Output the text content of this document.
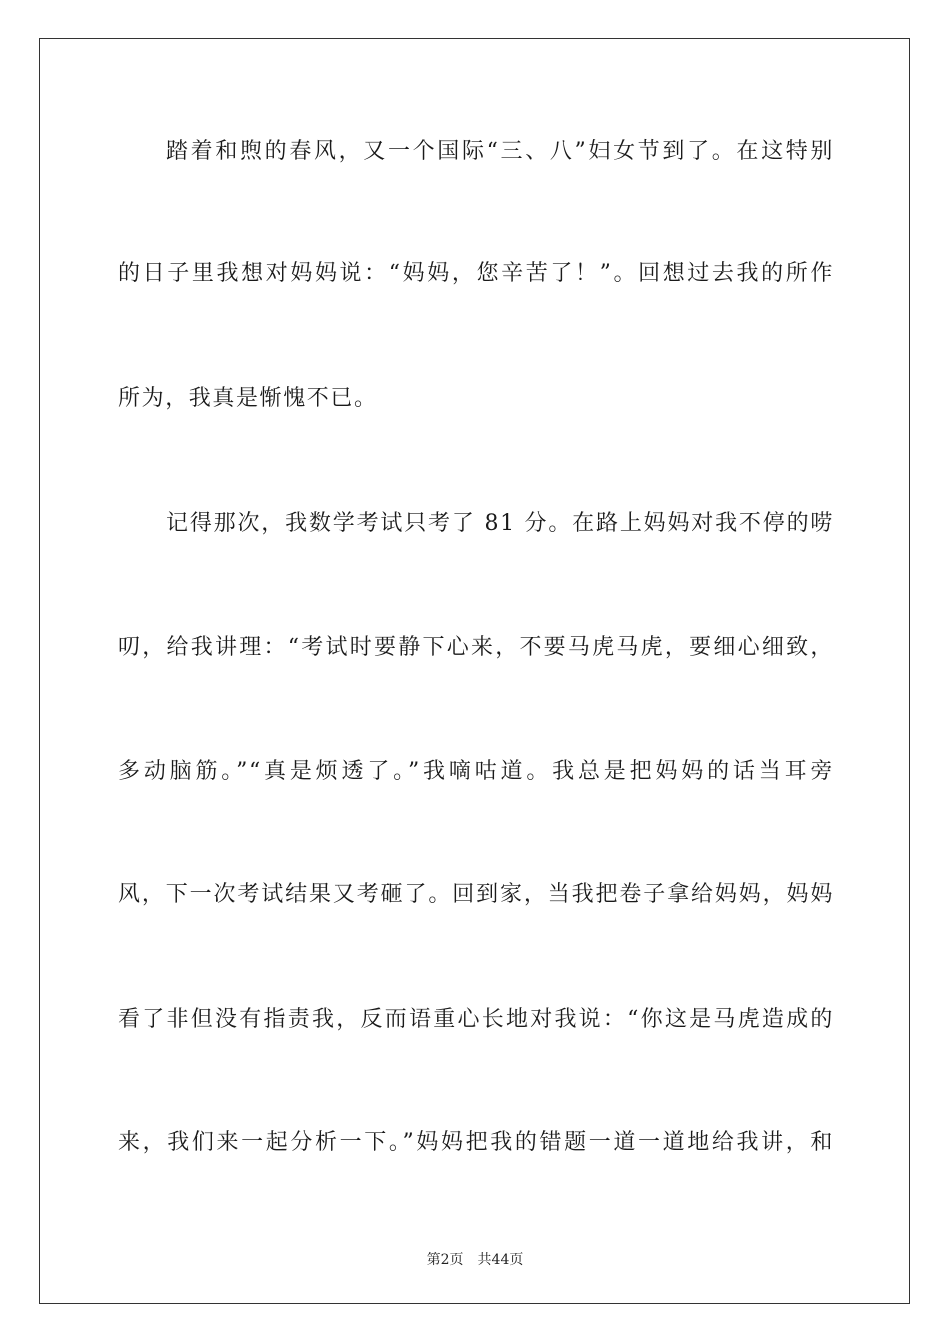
踏着和煦的春风，又一个国际“三、八”妇女节到了。在这特别
的日子里我想对妈妈说：“妈妈，您辛苦了！”。回想过去我的所作
所为，我真是惭愧不已。
记得那次，我数学考试只考了 81 分。在路上妈妈对我不停的唠
叨，给我讲理：“考试时要静下心来，不要马虎马虎，要细心细致，
多动脑筋。”“真是烦透了。”我嘀咕道。我总是把妈妈的话当耳旁
风，下一次考试结果又考砸了。回到家，当我把卷子拿给妈妈，妈妈
看了非但没有指责我，反而语重心长地对我说：“你这是马虎造成的
来，我们来一起分析一下。”妈妈把我的错题一道一道地给我讲，和
第2页 共44页
